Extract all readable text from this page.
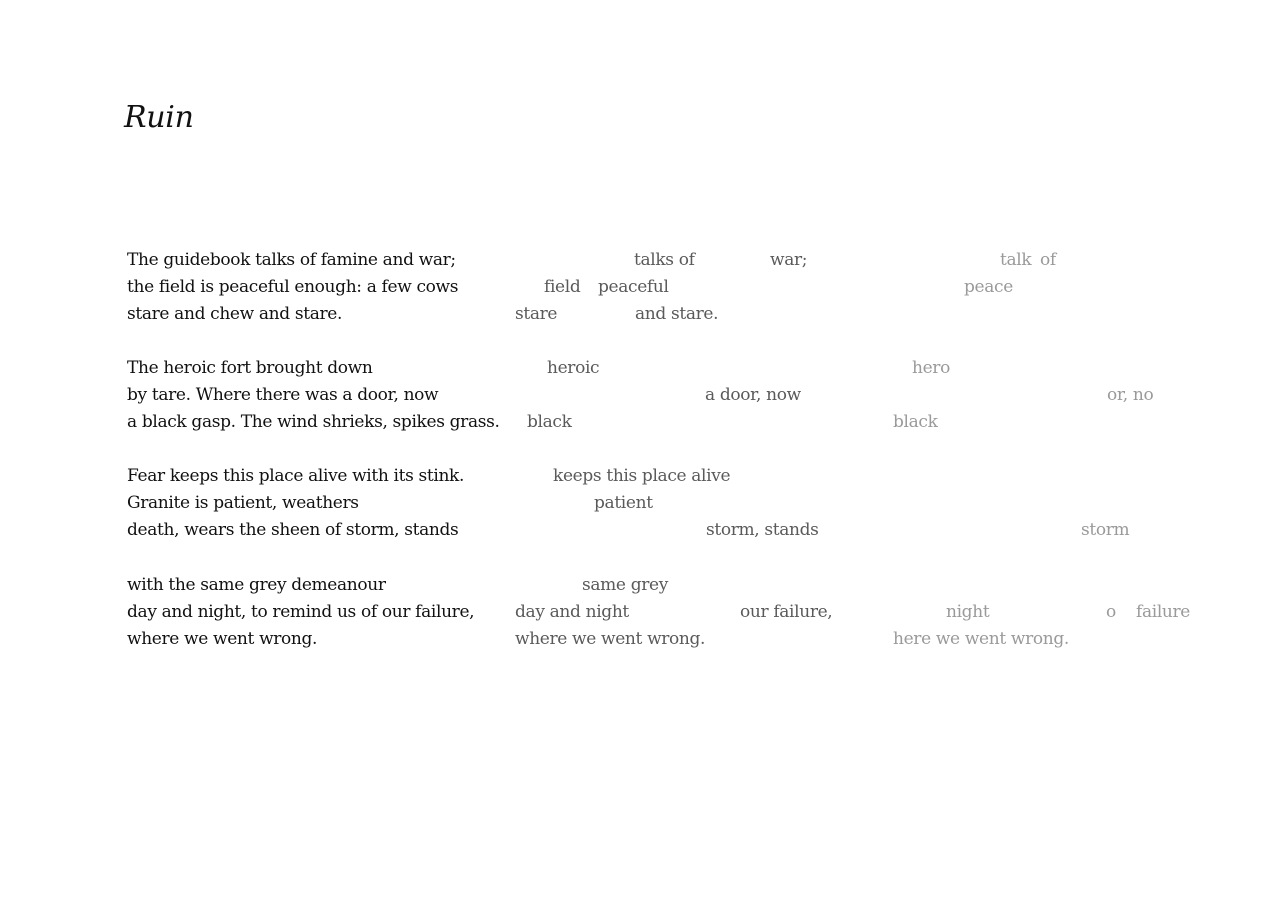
Ruin
The guidebook talks of famine and war;
the field is peaceful enough: a few cows
stare and chew and stare.
talks of	war;	talk of
field peaceful	peace
stare	and stare.
The heroic fort brought down
by tare. Where there was a door, now
a black gasp. The wind shrieks, spikes grass.
heroic	hero
a door, now	or, no
black	black
Fear keeps this place alive with its stink.
Granite is patient, weathers
death, wears the sheen of storm, stands
keeps this place alive
patient
storm, stands	storm
with the same grey demeanour
day and night, to remind us of our failure,
where we went wrong.
same grey
day and night	our failure,	night	o failure
where we went wrong.	here we went wrong.
